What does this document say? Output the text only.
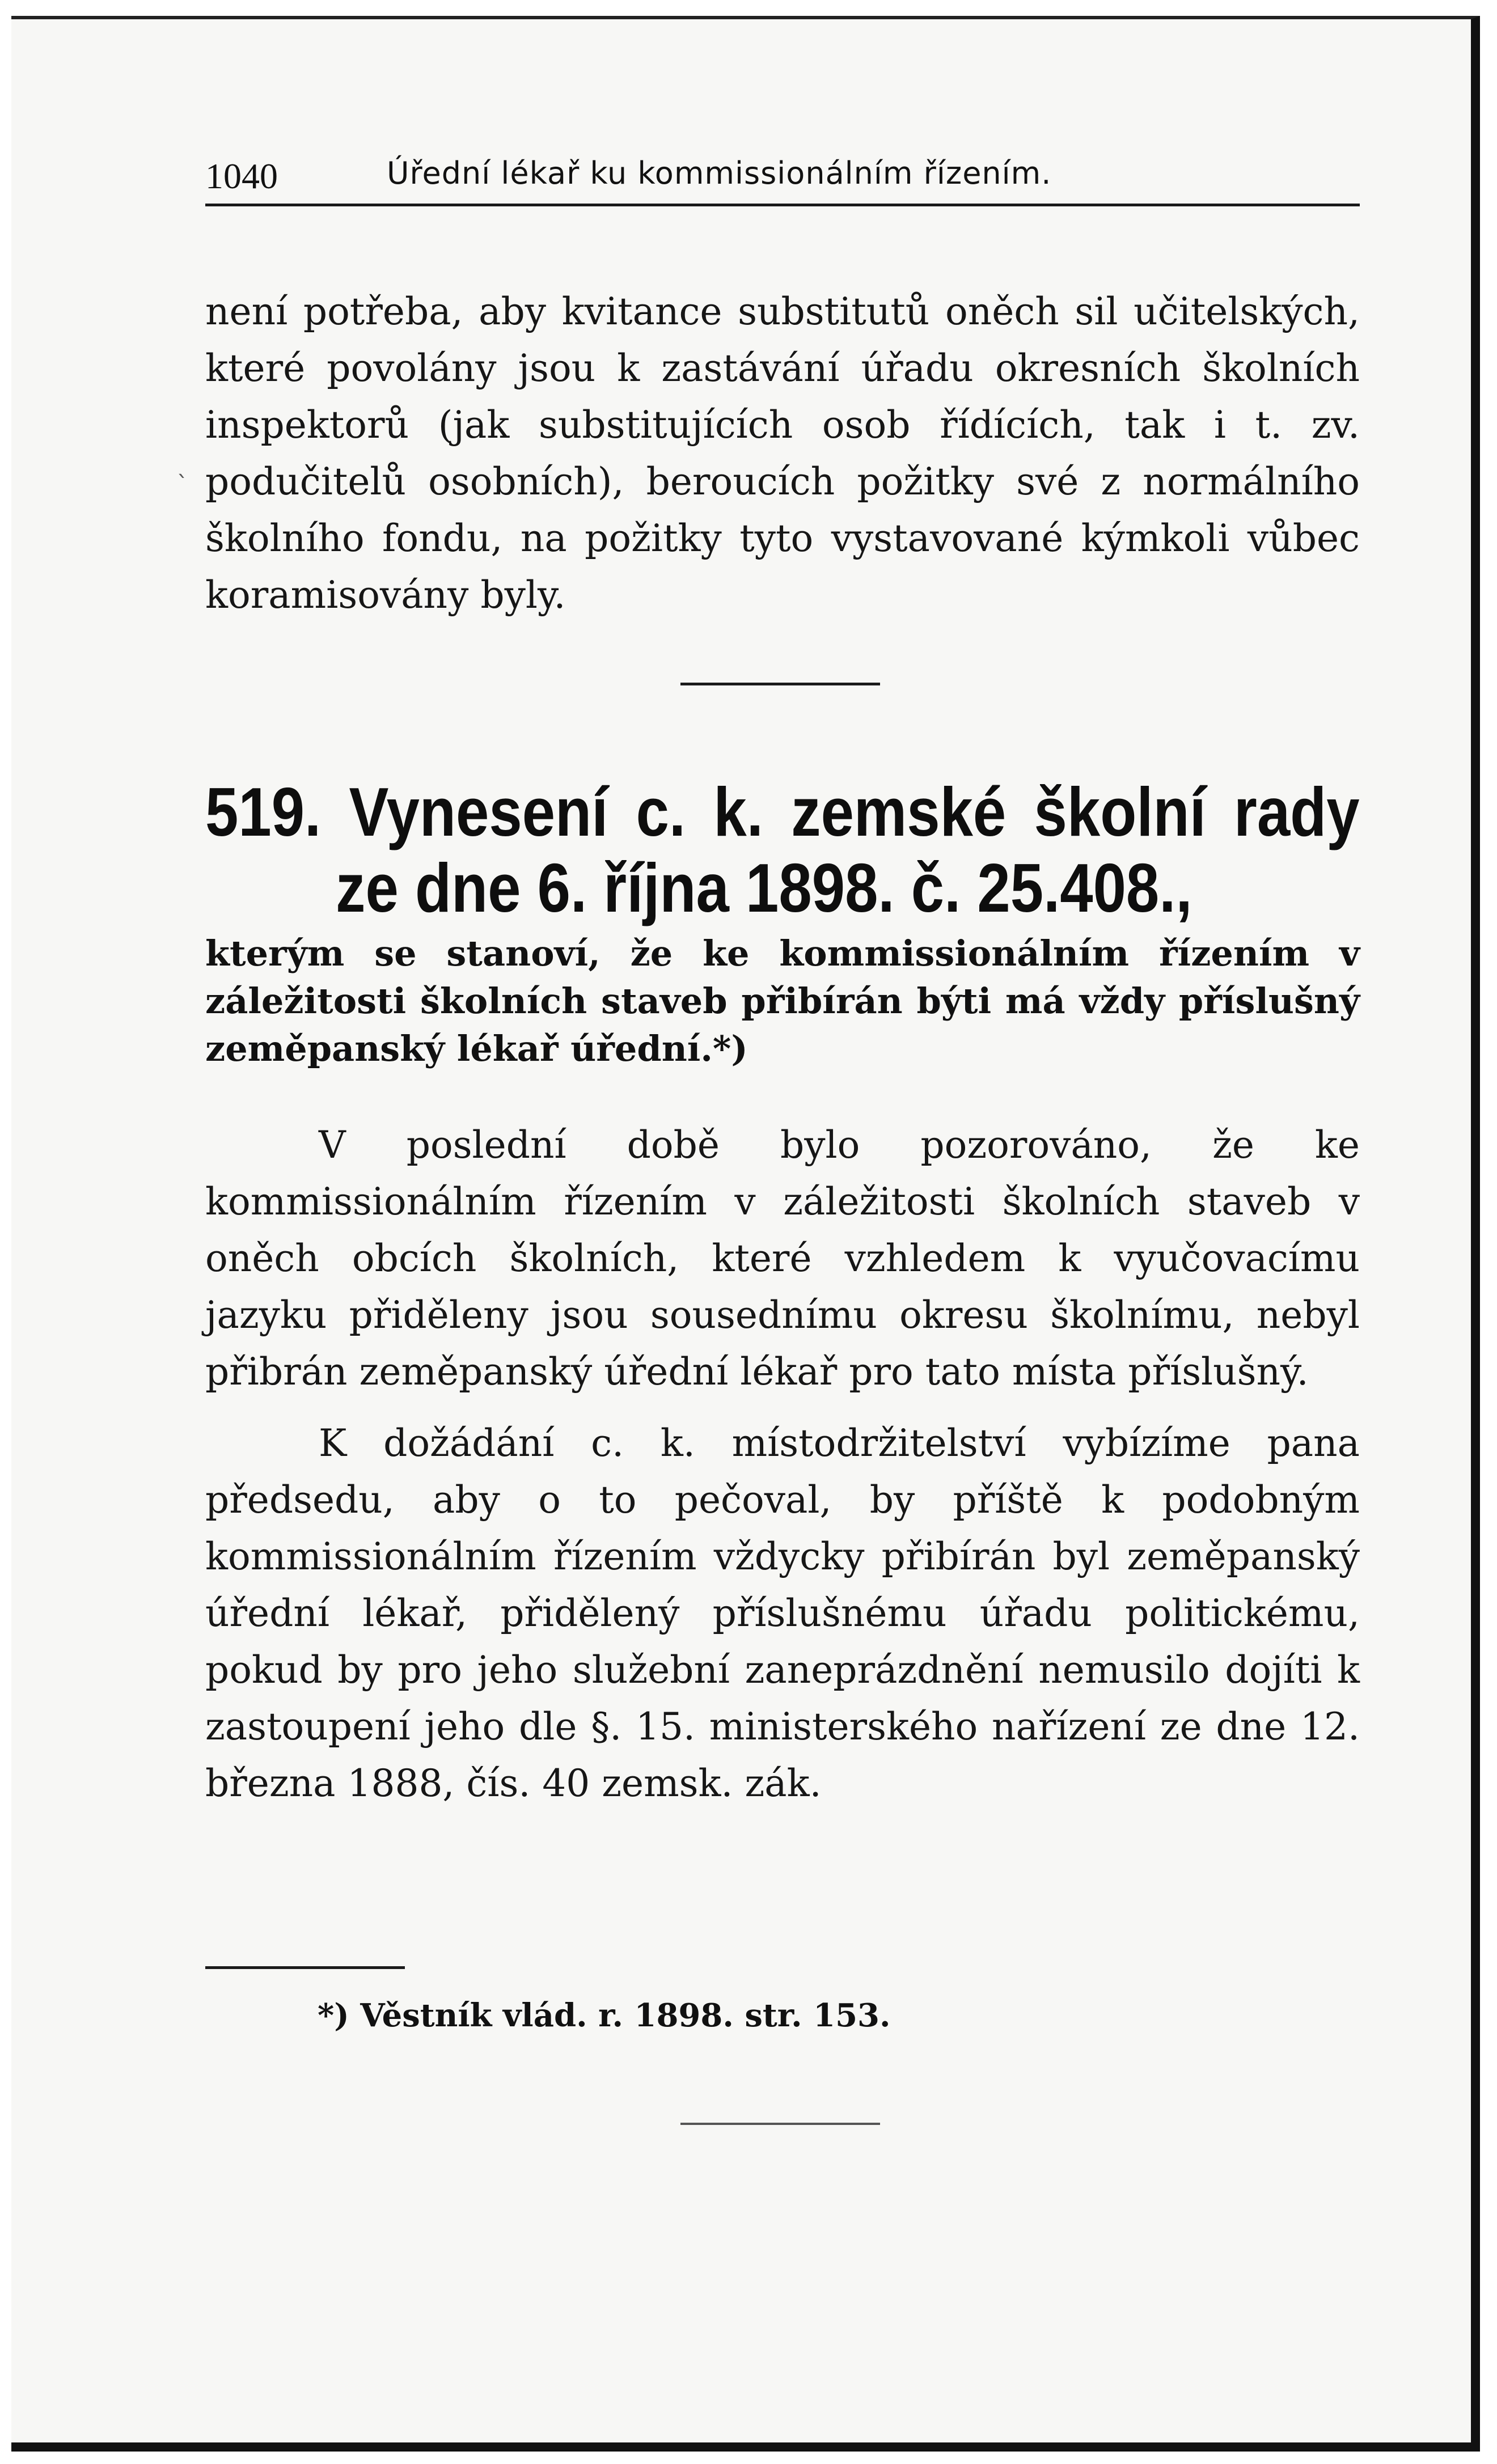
1040	Úřední lékař ku kommissionálním řízením.
ˋ

není potřeba, aby kvitance substitutů oněch sil učitelských, které povolány jsou k zastávání úřadu okresních školních inspektorů (jak substitujících osob řídících, tak i t. zv. podučitelů osobních), beroucích požitky své z normálního školního fondu, na požitky tyto vystavované kýmkoli vůbec koramisovány byly.

519. Vynesení c. k. zemské školní rady

ze dne 6. října 1898. č. 25.408.,

kterým se stanoví, že ke kommissionálním řízením v záležitosti školních staveb přibírán býti má vždy příslušný zeměpanský lékař úřední.*)

V poslední době bylo pozorováno, že ke kommissionálním řízením v záležitosti školních staveb v oněch obcích školních, které vzhledem k vyučovacímu jazyku přiděleny jsou sousednímu okresu školnímu, nebyl přibrán zeměpanský úřední lékař pro tato místa příslušný.

K dožádání c. k. místodržitelství vybízíme pana předsedu, aby o to pečoval, by příště k podobným kommissionálním řízením vždycky přibírán byl zeměpanský úřední lékař, přidělený příslušnému úřadu politickému, pokud by pro jeho služební zaneprázdnění nemusilo dojíti k zastoupení jeho dle §. 15. ministerského nařízení ze dne 12. března 1888, čís. 40 zemsk. zák.

*) Věstník vlád. r. 1898. str. 153.
